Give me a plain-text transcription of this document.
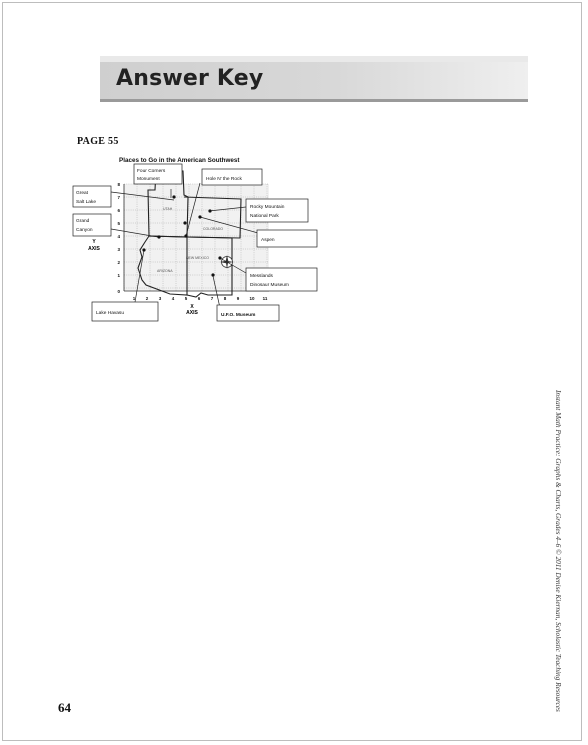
Answer Key
PAGE 55
Places to Go in the American Southwest
UTAH
COLORADO
ARIZONA
NEW MEXICO
8
7
6
5
4
3
2
1
0
1 2 3 4 5 6 7 8 9 10 11
X
AXIS
Y
AXIS
Four Corners
Monument	Hole N' the Rock
Great
Salt Lake
Grand
Canyon
Rocky Mountain
National Park
Aspen
Messlands
Dinosaur Museum
Lake Havasu	U.F.O. Museum
Instant Math Practice: Graphs & Charts, Grades 4–6 © 2011 Denise Kiernan, Scholastic Teaching Resources
64
